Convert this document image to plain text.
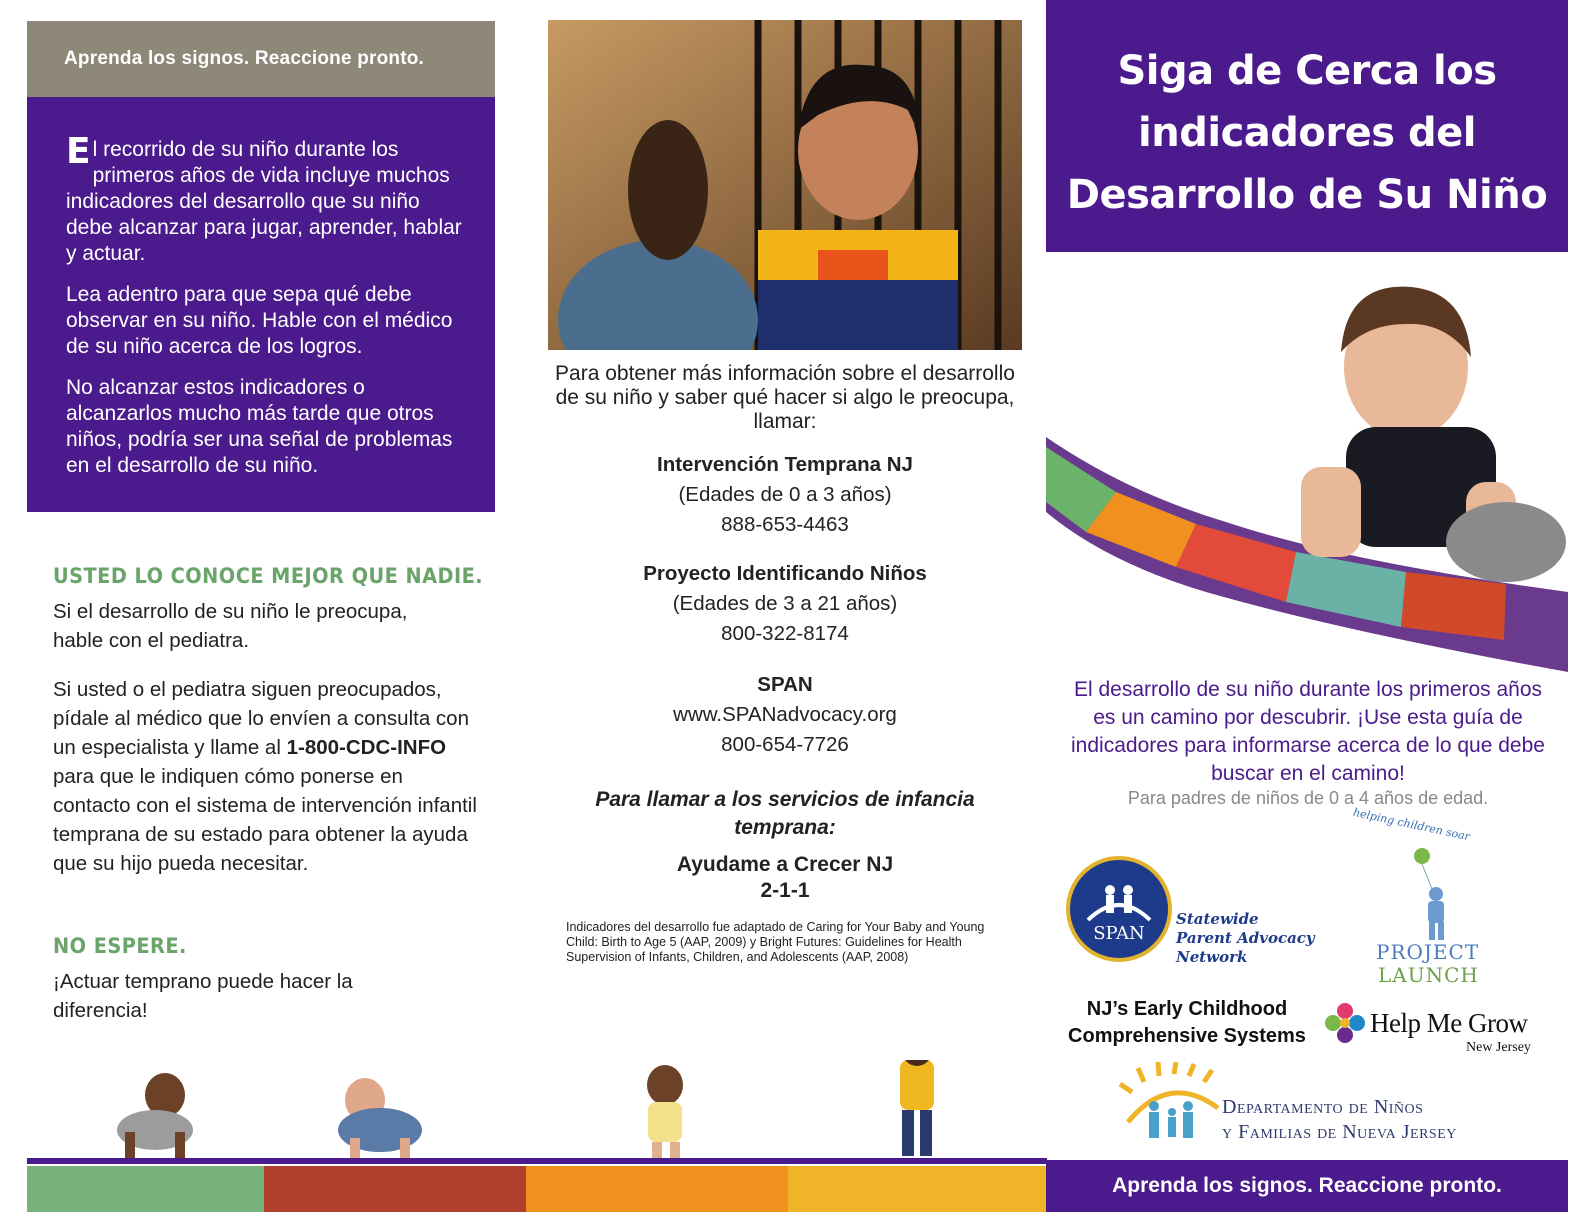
Aprenda los signos. Reaccione pronto.

El recorrido de su niño durante los primeros años de vida incluye muchos indicadores del desarrollo que su niño debe alcanzar para jugar, aprender, hablar y actuar.

Lea adentro para que sepa qué debe observar en su niño. Hable con el médico de su niño acerca de los logros.

No alcanzar estos indicadores o alcanzarlos mucho más tarde que otros niños, podría ser una señal de problemas en el desarrollo de su niño.

USTED LO CONOCE MEJOR QUE NADIE.
Si el desarrollo de su niño le preocupa, hable con el pediatra.
Si usted o el pediatra siguen preocupados, pídale al médico que lo envíen a consulta con un especialista y llame al 1-800-CDC-INFO para que le indiquen cómo ponerse en contacto con el sistema de intervención infantil temprana de su estado para obtener la ayuda que su hijo pueda necesitar.
NO ESPERE.
¡Actuar temprano puede hacer la diferencia!
Para obtener más información sobre el desarrollo de su niño y saber qué hacer si algo le preocupa, llamar:
Intervención Temprana NJ
(Edades de 0 a 3 años)
888-653-4463
Proyecto Identificando Niños
(Edades de 3 a 21 años)
800-322-8174
SPAN
www.SPANadvocacy.org
800-654-7726
Para llamar a los servicios de infancia temprana:
Ayudame a Crecer NJ
2-1-1
Indicadores del desarrollo fue adaptado de Caring for Your Baby and Young Child: Birth to Age 5 (AAP, 2009) y Bright Futures: Guidelines for Health Supervision of Infants, Children, and Adolescents (AAP, 2008)
Siga de Cerca los
indicadores del
Desarrollo de Su Niño
El desarrollo de su niño durante los primeros años es un camino por descubrir. ¡Use esta guía de indicadores para informarse acerca de lo que debe buscar en el camino!
Para padres de niños de 0 a 4 años de edad.
SPAN
Statewide Parent Advocacy Network
helping children soar
PROJECT
LAUNCH
NJ’s Early Childhood Comprehensive Systems Help Me Grow
New Jersey
Departamento de Niños
y Familias de Nueva Jersey
Aprenda los signos. Reaccione pronto.
